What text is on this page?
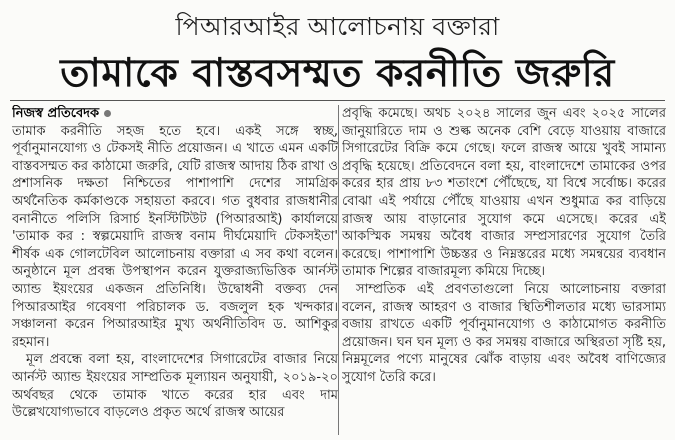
পিআরআইর আলোচনায় বক্তারা
তামাকে বাস্তবসম্মত করনীতি জরুরি

নিজস্ব প্রতিবেদক

তামাক করনীতি সহজ হতে হবে। একই সঙ্গে স্বচ্ছ, পূর্বানুমানযোগ্য ও টেকসই নীতি প্রয়োজন। এ খাতে এমন একটি বাস্তবসম্মত কর কাঠামো জরুরি, যেটি রাজস্ব আদায় ঠিক রাখা ও প্রশাসনিক দক্ষতা নিশ্চিতের পাশাপাশি দেশের সামগ্রিক অর্থনৈতিক কর্মকাণ্ডকে সহায়তা করবে। গত বুধবার রাজধানীর বনানীতে পলিসি রিসার্চ ইনস্টিটিউট (পিআরআই) কার্যালয়ে 'তামাক কর : স্বল্পমেয়াদি রাজস্ব বনাম দীর্ঘমেয়াদি টেকসইতা' শীর্ষক এক গোলটেবিল আলোচনায় বক্তারা এ সব কথা বলেন। অনুষ্ঠানে মূল প্রবন্ধ উপস্থাপন করেন যুক্তরাজ্যভিত্তিক আর্নস্ট অ্যান্ড ইয়ংয়ের একজন প্রতিনিধি। উদ্বোধনী বক্তব্য দেন পিআরআইর গবেষণা পরিচালক ড. বজলুল হক খন্দকার। সঞ্চালনা করেন পিআরআইর মুখ্য অর্থনীতিবিদ ড. আশিকুর রহমান।

মূল প্রবন্ধে বলা হয়, বাংলাদেশের সিগারেটের বাজার নিয়ে আর্নস্ট অ্যান্ড ইয়ংয়ের সাম্প্রতিক মূল্যায়ন অনুযায়ী, ২০১৯-২০ অর্থবছর থেকে তামাক খাতে করের হার এবং দাম উল্লেখযোগ্যভাবে বাড়লেও প্রকৃত অর্থে রাজস্ব আয়ের

প্রবৃদ্ধি কমেছে। অথচ ২০২৪ সালের জুন এবং ২০২৫ সালের জানুয়ারিতে দাম ও শুল্ক অনেক বেশি বেড়ে যাওয়ায় বাজারে সিগারেটের বিক্রি কমে গেছে। ফলে রাজস্ব আয়ে খুবই সামান্য প্রবৃদ্ধি হয়েছে। প্রতিবেদনে বলা হয়, বাংলাদেশে তামাকের ওপর করের হার প্রায় ৮৩ শতাংশে পৌঁছেছে, যা বিশ্বে সর্বোচ্চ। করের বোঝা এই পর্যায়ে পৌঁছে যাওয়ায় এখন শুধুমাত্র কর বাড়িয়ে রাজস্ব আয় বাড়ানোর সুযোগ কমে এসেছে। করের এই আকস্মিক সমন্বয় অবৈধ বাজার সম্প্রসারণের সুযোগ তৈরি করেছে। পাশাপাশি উচ্চস্তর ও নিম্নস্তরের মধ্যে সমন্বয়ের ব্যবধান তামাক শিল্পের বাজারমূল্য কমিয়ে দিচ্ছে।

সাম্প্রতিক এই প্রবণতাগুলো নিয়ে আলোচনায় বক্তারা বলেন, রাজস্ব আহরণ ও বাজার স্থিতিশীলতার মধ্যে ভারসাম্য বজায় রাখতে একটি পূর্বানুমানযোগ্য ও কাঠামোগত করনীতি প্রয়োজন। ঘন ঘন মূল্য ও কর সমন্বয় বাজারে অস্থিরতা সৃষ্টি হয়, নিম্নমূলের পণ্যে মানুষের ঝোঁক বাড়ায় এবং অবৈধ বাণিজ্যের সুযোগ তৈরি করে।
